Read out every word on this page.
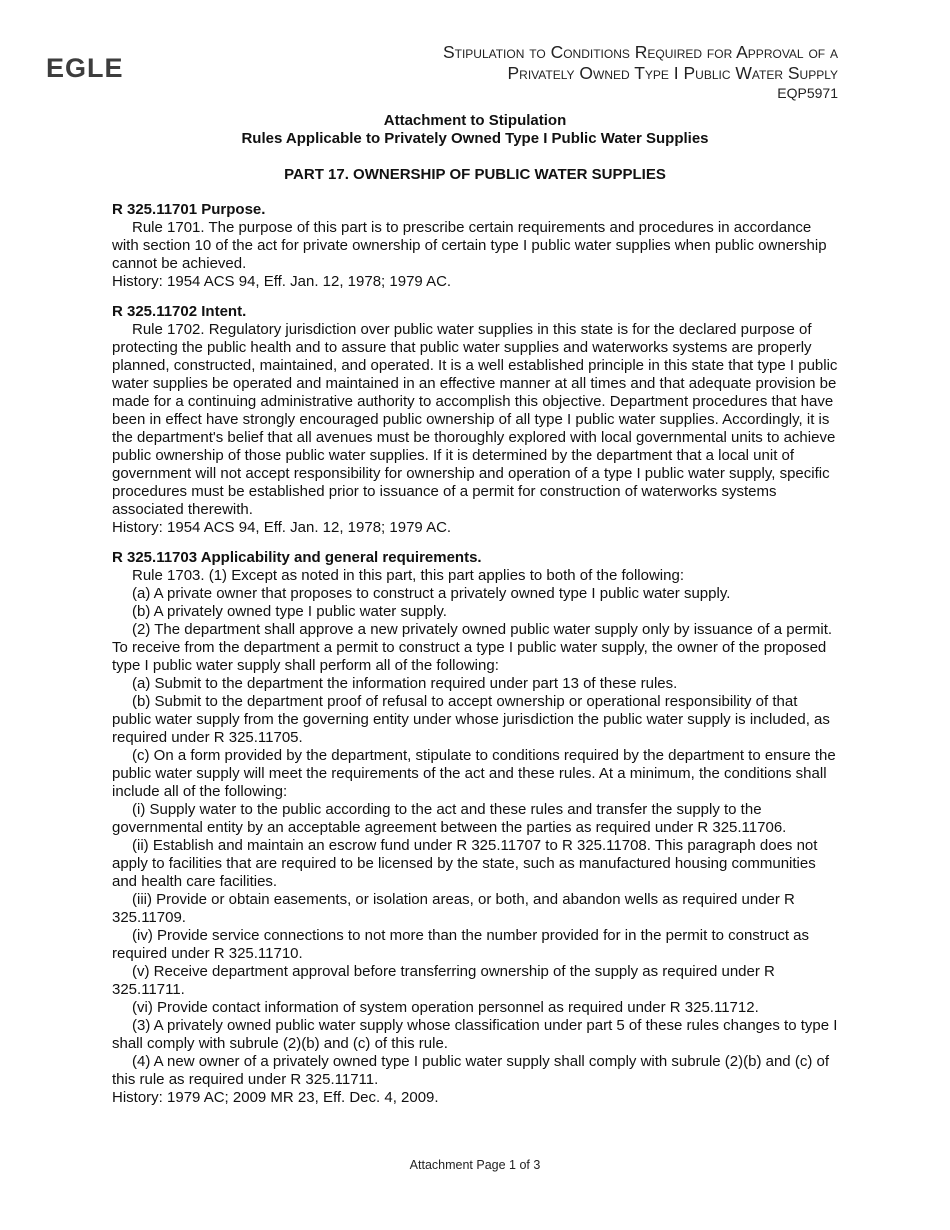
EGLE
Stipulation to Conditions Required for Approval of a
Privately Owned Type I Public Water Supply
EQP5971
Attachment to Stipulation
Rules Applicable to Privately Owned Type I Public Water Supplies
PART 17. OWNERSHIP OF PUBLIC WATER SUPPLIES

R 325.11701 Purpose.

Rule 1701. The purpose of this part is to prescribe certain requirements and procedures in accordance with section 10 of the act for private ownership of certain type I public water supplies when public ownership cannot be achieved.

History: 1954 ACS 94, Eff. Jan. 12, 1978; 1979 AC.

R 325.11702 Intent.

Rule 1702. Regulatory jurisdiction over public water supplies in this state is for the declared purpose of protecting the public health and to assure that public water supplies and waterworks systems are properly planned, constructed, maintained, and operated. It is a well established principle in this state that type I public water supplies be operated and maintained in an effective manner at all times and that adequate provision be made for a continuing administrative authority to accomplish this objective. Department procedures that have been in effect have strongly encouraged public ownership of all type I public water supplies. Accordingly, it is the department's belief that all avenues must be thoroughly explored with local governmental units to achieve public ownership of those public water supplies. If it is determined by the department that a local unit of government will not accept responsibility for ownership and operation of a type I public water supply, specific procedures must be established prior to issuance of a permit for construction of waterworks systems associated therewith.

History: 1954 ACS 94, Eff. Jan. 12, 1978; 1979 AC.

R 325.11703 Applicability and general requirements.

Rule 1703. (1) Except as noted in this part, this part applies to both of the following:

(a) A private owner that proposes to construct a privately owned type I public water supply.

(b) A privately owned type I public water supply.

(2) The department shall approve a new privately owned public water supply only by issuance of a permit. To receive from the department a permit to construct a type I public water supply, the owner of the proposed type I public water supply shall perform all of the following:

(a) Submit to the department the information required under part 13 of these rules.

(b) Submit to the department proof of refusal to accept ownership or operational responsibility of that public water supply from the governing entity under whose jurisdiction the public water supply is included, as required under R 325.11705.

(c) On a form provided by the department, stipulate to conditions required by the department to ensure the public water supply will meet the requirements of the act and these rules. At a minimum, the conditions shall include all of the following:

(i) Supply water to the public according to the act and these rules and transfer the supply to the governmental entity by an acceptable agreement between the parties as required under R 325.11706.

(ii) Establish and maintain an escrow fund under R 325.11707 to R 325.11708. This paragraph does not apply to facilities that are required to be licensed by the state, such as manufactured housing communities and health care facilities.

(iii) Provide or obtain easements, or isolation areas, or both, and abandon wells as required under R 325.11709.

(iv) Provide service connections to not more than the number provided for in the permit to construct as required under R 325.11710.

(v) Receive department approval before transferring ownership of the supply as required under R 325.11711.

(vi) Provide contact information of system operation personnel as required under R 325.11712.

(3) A privately owned public water supply whose classification under part 5 of these rules changes to type I shall comply with subrule (2)(b) and (c) of this rule.

(4) A new owner of a privately owned type I public water supply shall comply with subrule (2)(b) and (c) of this rule as required under R 325.11711.

History: 1979 AC; 2009 MR 23, Eff. Dec. 4, 2009.

Attachment Page 1 of 3
